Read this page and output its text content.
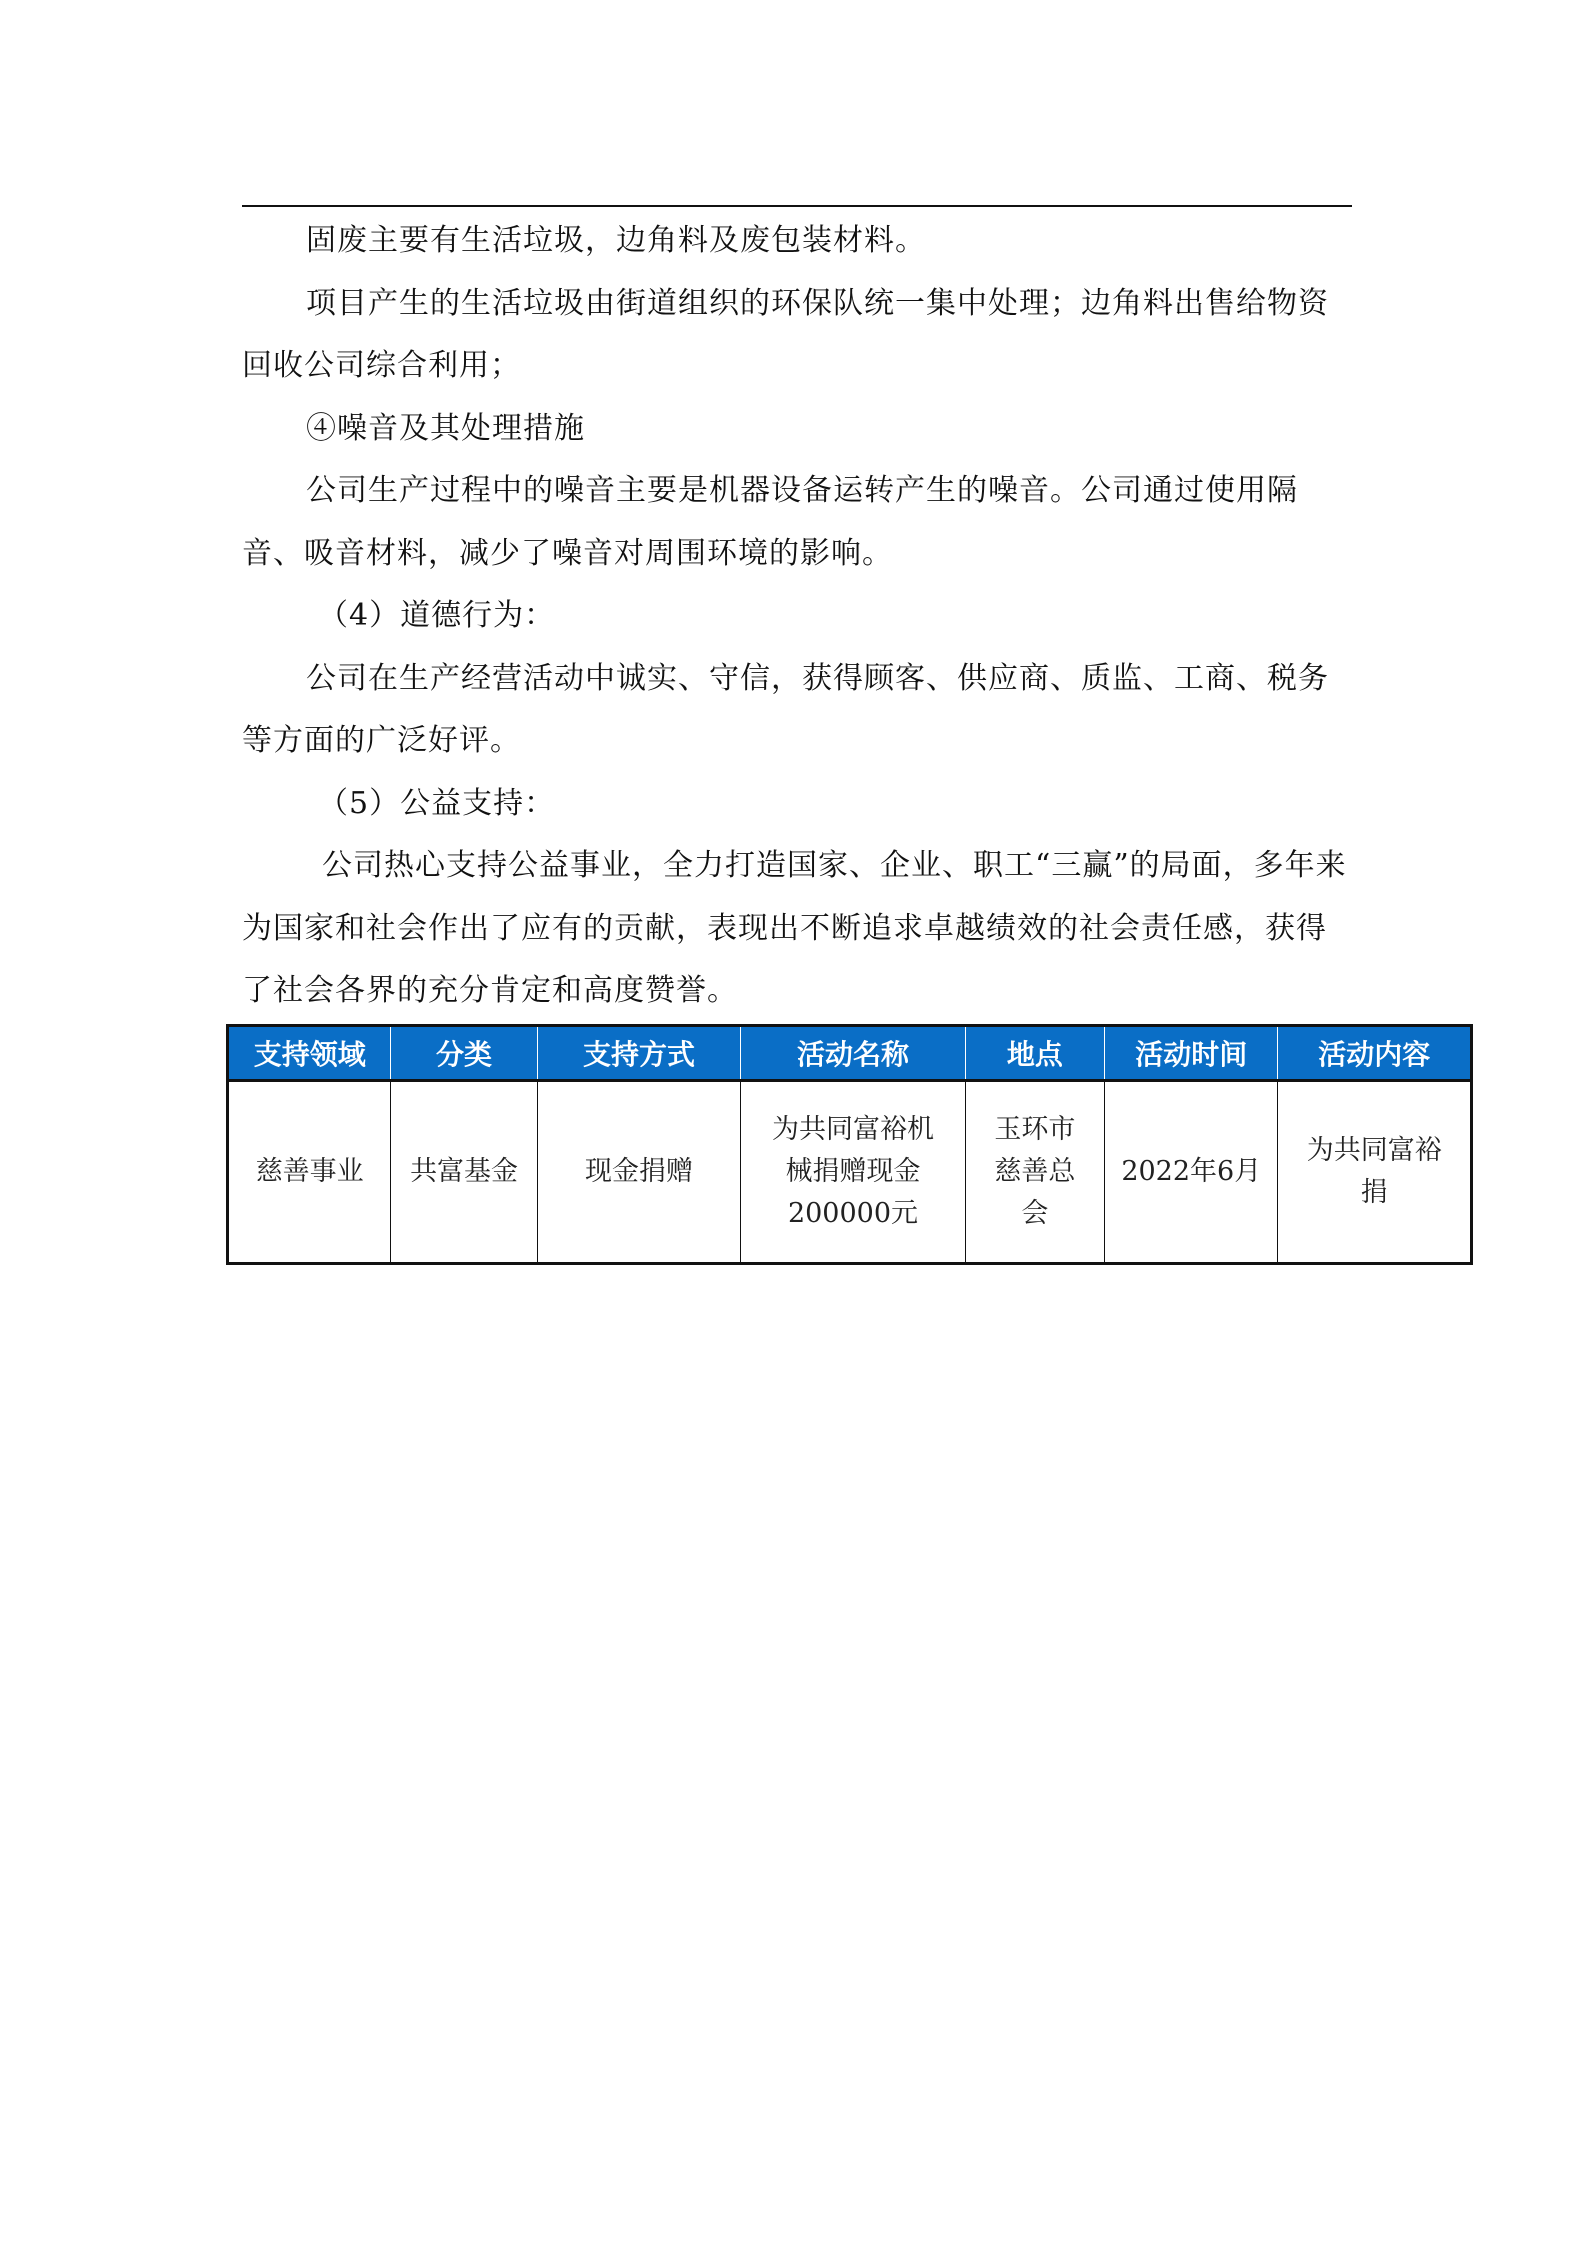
固废主要有生活垃圾，边角料及废包装材料。

项目产生的生活垃圾由街道组织的环保队统一集中处理；边角料出售给物资回收公司综合利用；

④噪音及其处理措施

公司生产过程中的噪音主要是机器设备运转产生的噪音。公司通过使用隔音、吸音材料，减少了噪音对周围环境的影响。

（4）道德行为：

公司在生产经营活动中诚实、守信，获得顾客、供应商、质监、工商、税务等方面的广泛好评。

（5）公益支持：

公司热心支持公益事业，全力打造国家、企业、职工“三赢”的局面，多年来为国家和社会作出了应有的贡献，表现出不断追求卓越绩效的社会责任感，获得了社会各界的充分肯定和高度赞誉。

支持领域	分类	支持方式	活动名称	地点	活动时间	活动内容
慈善事业	共富基金	现金捐赠	为共同富裕机械捐赠现金200000元	玉环市慈善总会	2022年6月	为共同富裕捐
